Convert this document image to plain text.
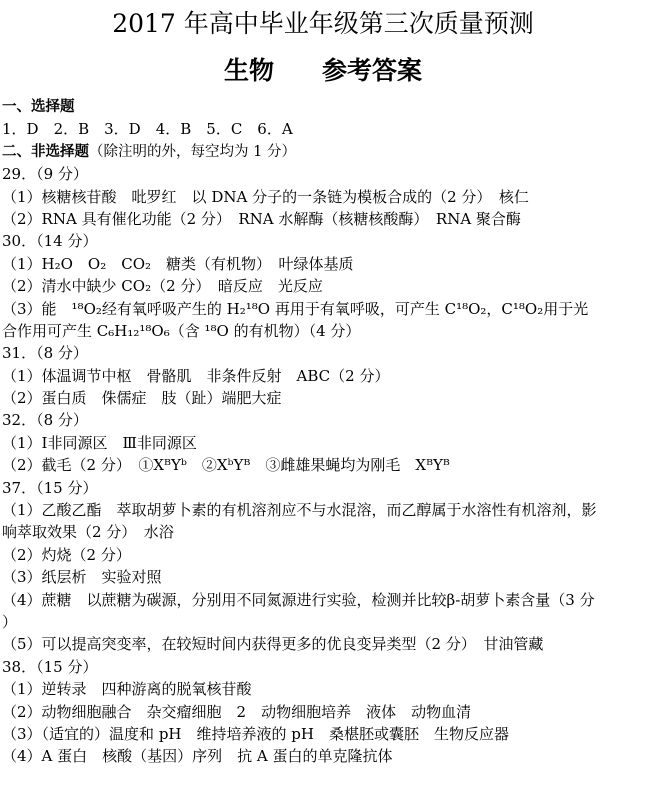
2017 年高中毕业年级第三次质量预测
生物 参考答案
一、选择题
1．D　2．B　3．D　4．B　5．C　6．A
二、非选择题（除注明的外，每空均为 1 分）
29．（9 分）
（1）核糖核苷酸　吡罗红　以 DNA 分子的一条链为模板合成的（2 分）　核仁
（2）RNA 具有催化功能（2 分）　RNA 水解酶（核糖核酸酶）　RNA 聚合酶
30．（14 分）
（1）H₂O　O₂　CO₂　糖类（有机物）　叶绿体基质
（2）清水中缺少 CO₂（2 分）　暗反应　光反应
（3）能　¹⁸O₂经有氧呼吸产生的 H₂¹⁸O 再用于有氧呼吸，可产生 C¹⁸O₂，C¹⁸O₂用于光
合作用可产生 C₆H₁₂¹⁸O₆（含 ¹⁸O 的有机物）（4 分）
31．（8 分）
（1）体温调节中枢　骨骼肌　非条件反射　ABC（2 分）
（2）蛋白质　侏儒症　肢（趾）端肥大症
32．（8 分）
（1）Ⅰ非同源区　Ⅲ非同源区
（2）截毛（2 分）　①XᴮYᵇ　②XᵇYᴮ　③雌雄果蝇均为刚毛　XᴮYᴮ
37．（15 分）
（1）乙酸乙酯　萃取胡萝卜素的有机溶剂应不与水混溶，而乙醇属于水溶性有机溶剂，影
响萃取效果（2 分）　水浴
（2）灼烧（2 分）
（3）纸层析　实验对照
（4）蔗糖　以蔗糖为碳源，分别用不同氮源进行实验，检测并比较β-胡萝卜素含量（3 分
）
（5）可以提高突变率，在较短时间内获得更多的优良变异类型（2 分）　甘油管藏
38．（15 分）
（1）逆转录　四种游离的脱氧核苷酸
（2）动物细胞融合　杂交瘤细胞　2　动物细胞培养　液体　动物血清
（3）（适宜的）温度和 pH　维持培养液的 pH　桑椹胚或囊胚　生物反应器
（4）A 蛋白　核酸（基因）序列　抗 A 蛋白的单克隆抗体
